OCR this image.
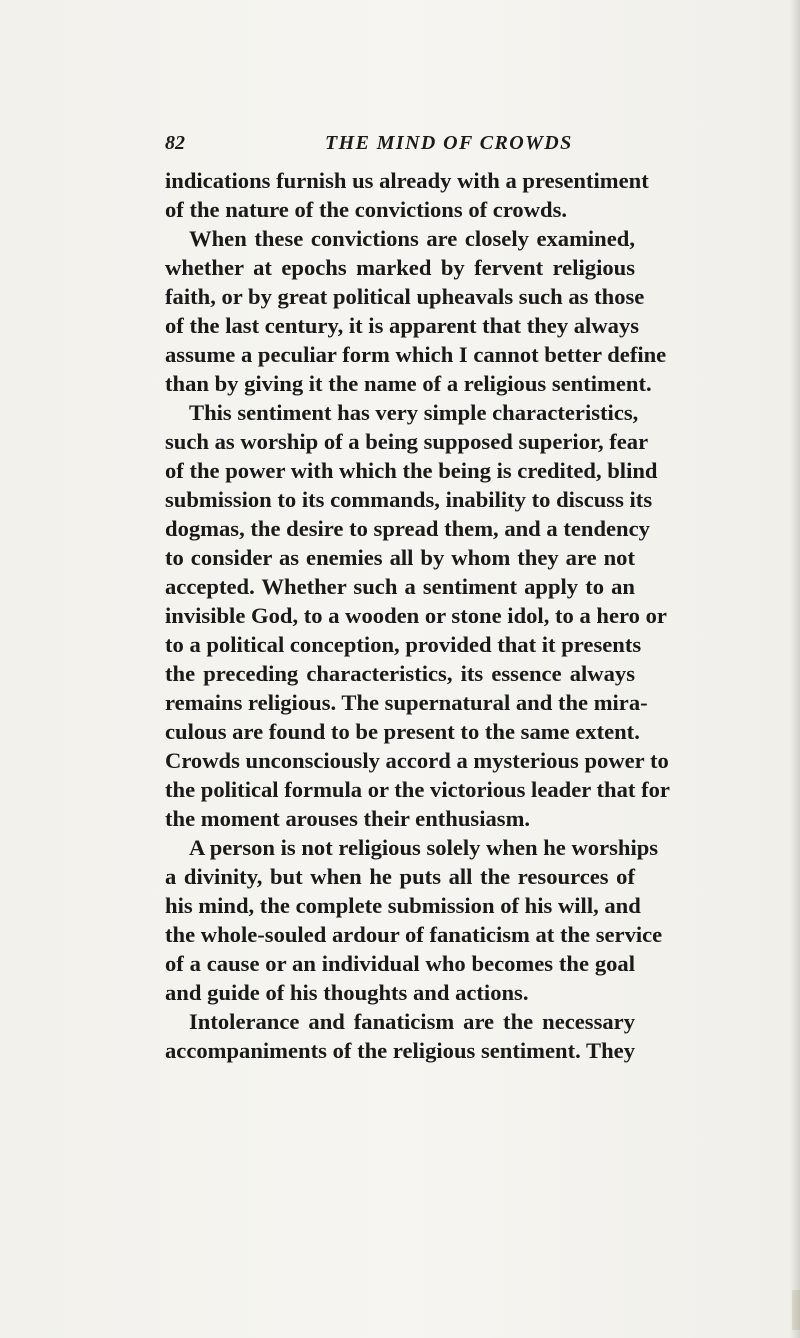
82	THE MIND OF CROWDS
indications furnish us already with a presentiment
of the nature of the convictions of crowds.
When these convictions are closely examined,
whether at epochs marked by fervent religious
faith, or by great political upheavals such as those
of the last century, it is apparent that they always
assume a peculiar form which I cannot better define
than by giving it the name of a religious sentiment.
This sentiment has very simple characteristics,
such as worship of a being supposed superior, fear
of the power with which the being is credited, blind
submission to its commands, inability to discuss its
dogmas, the desire to spread them, and a tendency
to consider as enemies all by whom they are not
accepted. Whether such a sentiment apply to an
invisible God, to a wooden or stone idol, to a hero or
to a political conception, provided that it presents
the preceding characteristics, its essence always
remains religious. The supernatural and the mira-
culous are found to be present to the same extent.
Crowds unconsciously accord a mysterious power to
the political formula or the victorious leader that for
the moment arouses their enthusiasm.
A person is not religious solely when he worships
a divinity, but when he puts all the resources of
his mind, the complete submission of his will, and
the whole-souled ardour of fanaticism at the service
of a cause or an individual who becomes the goal
and guide of his thoughts and actions.
Intolerance and fanaticism are the necessary
accompaniments of the religious sentiment. They
